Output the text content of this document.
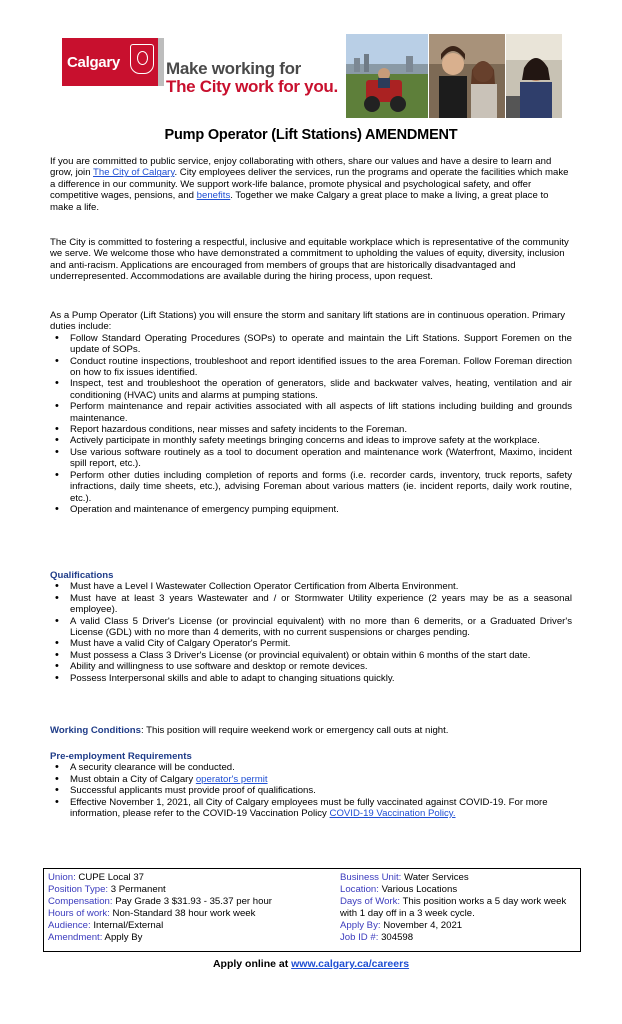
Calgary	Make working for
The City work for you.
Pump Operator (Lift Stations) AMENDMENT
If you are committed to public service, enjoy collaborating with others, share our values and have a desire to learn and grow, join The City of Calgary. City employees deliver the services, run the programs and operate the facilities which make a difference in our community. We support work-life balance, promote physical and psychological safety, and offer competitive wages, pensions, and benefits. Together we make Calgary a great place to make a living, a great place to make a life.
The City is committed to fostering a respectful, inclusive and equitable workplace which is representative of the community we serve. We welcome those who have demonstrated a commitment to upholding the values of equity, diversity, inclusion and anti-racism. Applications are encouraged from members of groups that are historically disadvantaged and underrepresented. Accommodations are available during the hiring process, upon request.
As a Pump Operator (Lift Stations) you will ensure the storm and sanitary lift stations are in continuous operation. Primary duties include:
• Follow Standard Operating Procedures (SOPs) to operate and maintain the Lift Stations. Support Foremen on the update of SOPs.
• Conduct routine inspections, troubleshoot and report identified issues to the area Foreman. Follow Foreman direction on how to fix issues identified.
• Inspect, test and troubleshoot the operation of generators, slide and backwater valves, heating, ventilation and air conditioning (HVAC) units and alarms at pumping stations.
• Perform maintenance and repair activities associated with all aspects of lift stations including building and grounds maintenance.
• Report hazardous conditions, near misses and safety incidents to the Foreman.
• Actively participate in monthly safety meetings bringing concerns and ideas to improve safety at the workplace.
• Use various software routinely as a tool to document operation and maintenance work (Waterfront, Maximo, incident spill report, etc.).
• Perform other duties including completion of reports and forms (i.e. recorder cards, inventory, truck reports, safety infractions, daily time sheets, etc.), advising Foreman about various matters (ie. incident reports, daily work routine, etc.).
• Operation and maintenance of emergency pumping equipment.
Qualifications
• Must have a Level I Wastewater Collection Operator Certification from Alberta Environment.
• Must have at least 3 years Wastewater and / or Stormwater Utility experience (2 years may be as a seasonal employee).
• A valid Class 5 Driver's License (or provincial equivalent) with no more than 6 demerits, or a Graduated Driver's License (GDL) with no more than 4 demerits, with no current suspensions or charges pending.
• Must have a valid City of Calgary Operator's Permit.
• Must possess a Class 3 Driver's License (or provincial equivalent) or obtain within 6 months of the start date.
• Ability and willingness to use software and desktop or remote devices.
• Possess Interpersonal skills and able to adapt to changing situations quickly.
Working Conditions: This position will require weekend work or emergency call outs at night.
Pre-employment Requirements
• A security clearance will be conducted.
• Must obtain a City of Calgary operator's permit
• Successful applicants must provide proof of qualifications.
• Effective November 1, 2021, all City of Calgary employees must be fully vaccinated against COVID-19. For more information, please refer to the COVID-19 Vaccination Policy COVID-19 Vaccination Policy.
Union: CUPE Local 37
Position Type: 3 Permanent
Compensation: Pay Grade 3 $31.93 - 35.37 per hour
Hours of work: Non-Standard 38 hour work week
Audience: Internal/External
Amendment: Apply By
Business Unit: Water Services
Location: Various Locations
Days of Work: This position works a 5 day work week with 1 day off in a 3 week cycle.
Apply By: November 4, 2021
Job ID #: 304598
Apply online at www.calgary.ca/careers
